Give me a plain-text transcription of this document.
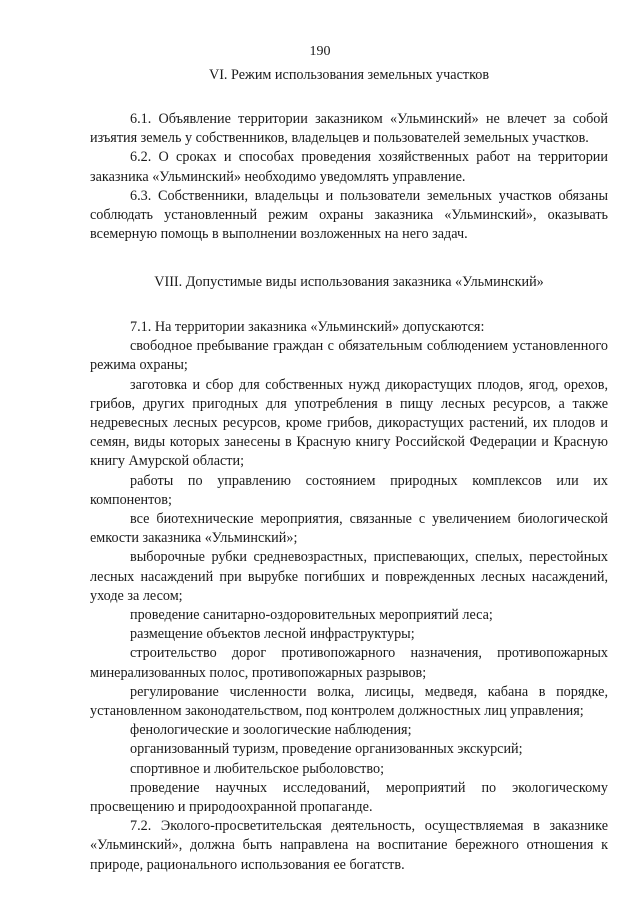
190

VI. Режим использования земельных участков

6.1. Объявление территории заказником «Ульминский» не влечет за собой изъятия земель у собственников, владельцев и пользователей земельных участков.

6.2. О сроках и способах проведения хозяйственных работ на территории заказника «Ульминский» необходимо уведомлять управление.

6.3. Собственники, владельцы и пользователи земельных участков обязаны соблюдать установленный режим охраны заказника «Ульминский», оказывать всемерную помощь в выполнении возложенных на него задач.

VIII. Допустимые виды использования заказника «Ульминский»

7.1. На территории заказника «Ульминский» допускаются:

свободное пребывание граждан с обязательным соблюдением установленного режима охраны;

заготовка и сбор для собственных нужд дикорастущих плодов, ягод, орехов, грибов, других пригодных для употребления в пищу лесных ресурсов, а также недревесных лесных ресурсов, кроме грибов, дикорастущих растений, их плодов и семян, виды которых занесены в Красную книгу Российской Федерации и Красную книгу Амурской области;

работы по управлению состоянием природных комплексов или их компонентов;

все биотехнические мероприятия, связанные с увеличением биологической емкости заказника «Ульминский»;

выборочные рубки средневозрастных, приспевающих, спелых, перестойных лесных насаждений при вырубке погибших и поврежденных лесных насаждений, уходе за лесом;

проведение санитарно-оздоровительных мероприятий леса;

размещение объектов лесной инфраструктуры;

строительство дорог противопожарного назначения, противопожарных минерализованных полос, противопожарных разрывов;

регулирование численности волка, лисицы, медведя, кабана в порядке, установленном законодательством, под контролем должностных лиц управления;

фенологические и зоологические наблюдения;

организованный туризм, проведение организованных экскурсий;

спортивное и любительское рыболовство;

проведение научных исследований, мероприятий по экологическому просвещению и природоохранной пропаганде.

7.2. Эколого-просветительская деятельность, осуществляемая в заказнике «Ульминский», должна быть направлена на воспитание бережного отношения к природе, рационального использования ее богатств.
